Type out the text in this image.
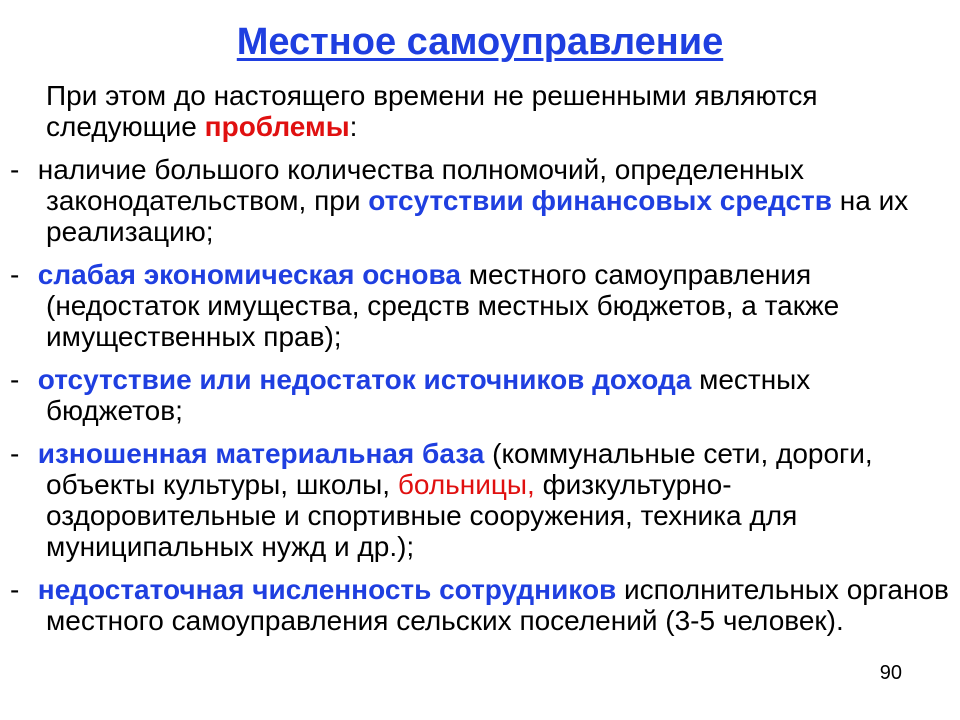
Местное самоуправление

При этом до настоящего времени не решенными являются следующие проблемы:

- наличие большого количества полномочий, определенных законодательством, при отсутствии финансовых средств на их реализацию;

- слабая экономическая основа местного самоуправления (недостаток имущества, средств местных бюджетов, а также имущественных прав);

- отсутствие или недостаток источников дохода местных бюджетов;

- изношенная материальная база (коммунальные сети, дороги, объекты культуры, школы, больницы, физкультурно-оздоровительные и спортивные сооружения, техника для муниципальных нужд и др.);

- недостаточная численность сотрудников исполнительных органов местного самоуправления сельских поселений (3-5 человек).

90
